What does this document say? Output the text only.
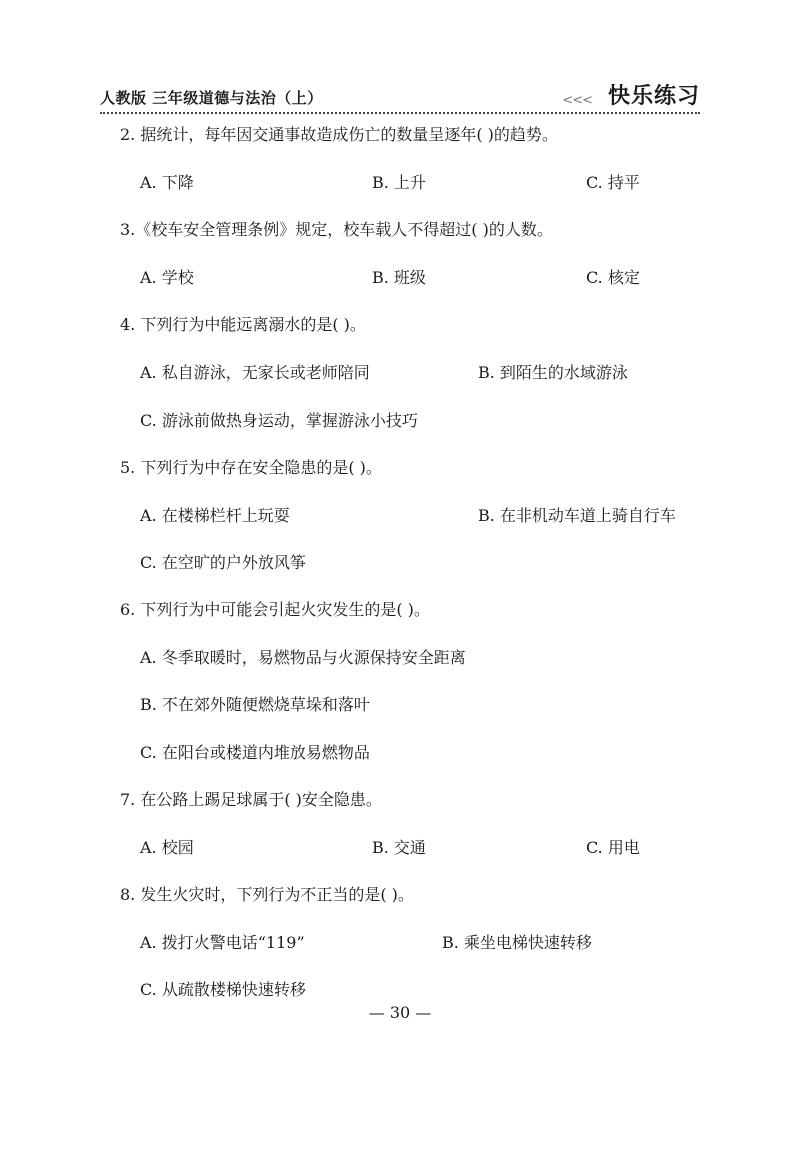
人教版 三年级道德与法治（上）	<<< 快乐练习
2. 据统计，每年因交通事故造成伤亡的数量呈逐年( )的趋势。
A. 下降	B. 上升	C. 持平
3.《校车安全管理条例》规定，校车载人不得超过( )的人数。
A. 学校	B. 班级	C. 核定
4. 下列行为中能远离溺水的是( )。
A. 私自游泳，无家长或老师陪同	B. 到陌生的水域游泳
C. 游泳前做热身运动，掌握游泳小技巧
5. 下列行为中存在安全隐患的是( )。
A. 在楼梯栏杆上玩耍	B. 在非机动车道上骑自行车
C. 在空旷的户外放风筝
6. 下列行为中可能会引起火灾发生的是( )。
A. 冬季取暖时，易燃物品与火源保持安全距离
B. 不在郊外随便燃烧草垛和落叶
C. 在阳台或楼道内堆放易燃物品
7. 在公路上踢足球属于( )安全隐患。
A. 校园	B. 交通	C. 用电
8. 发生火灾时，下列行为不正当的是( )。
A. 拨打火警电话“119”	B. 乘坐电梯快速转移
C. 从疏散楼梯快速转移
— 30 —
